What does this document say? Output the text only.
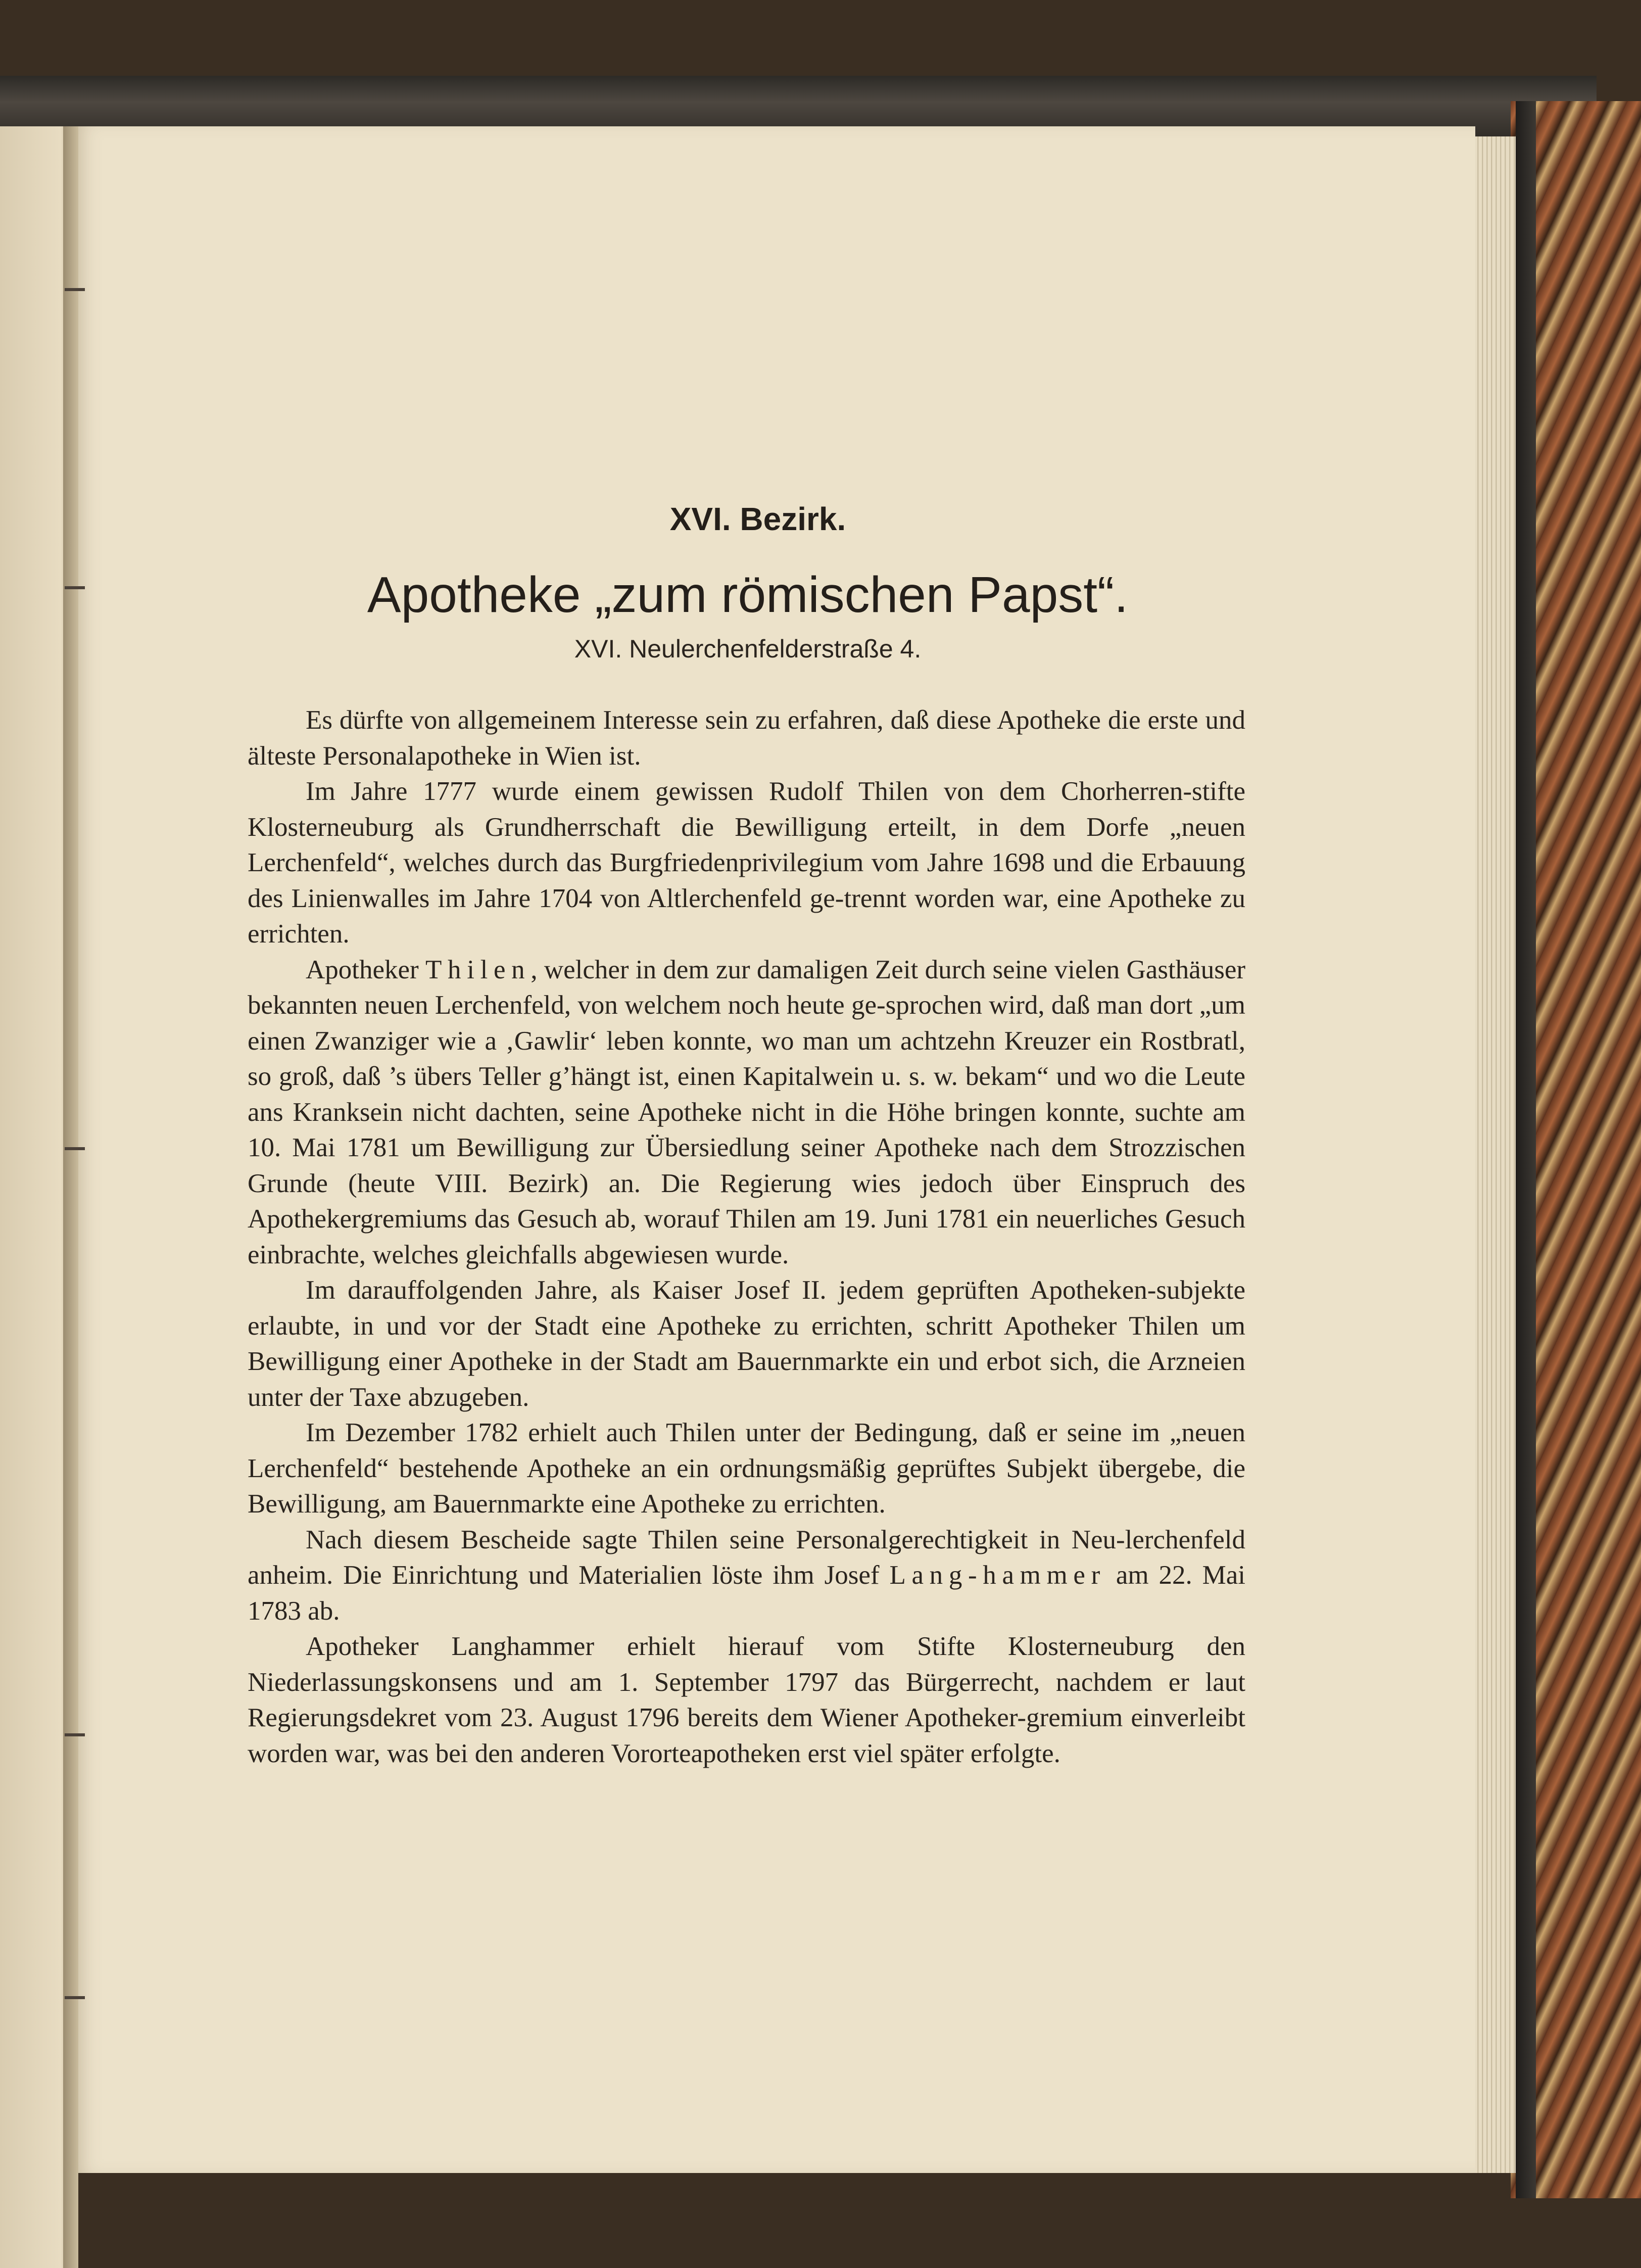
XVI. Bezirk.
Apotheke „zum römischen Papst“.
XVI. Neulerchenfelderstraße 4.

Es dürfte von allgemeinem Interesse sein zu erfahren, daß diese Apotheke die erste und älteste Personalapotheke in Wien ist.

Im Jahre 1777 wurde einem gewissen Rudolf Thilen von dem Chorherren-stifte Klosterneuburg als Grundherrschaft die Bewilligung erteilt, in dem Dorfe „neuen Lerchenfeld“, welches durch das Burgfriedenprivilegium vom Jahre 1698 und die Erbauung des Linienwalles im Jahre 1704 von Altlerchenfeld ge-trennt worden war, eine Apotheke zu errichten.

Apotheker Thilen, welcher in dem zur damaligen Zeit durch seine vielen Gasthäuser bekannten neuen Lerchenfeld, von welchem noch heute ge-sprochen wird, daß man dort „um einen Zwanziger wie a ‚Gawlir‘ leben konnte, wo man um achtzehn Kreuzer ein Rostbratl, so groß, daß ’s übers Teller g’hängt ist, einen Kapitalwein u. s. w. bekam“ und wo die Leute ans Kranksein nicht dachten, seine Apotheke nicht in die Höhe bringen konnte, suchte am 10. Mai 1781 um Bewilligung zur Übersiedlung seiner Apotheke nach dem Strozzischen Grunde (heute VIII. Bezirk) an. Die Regierung wies jedoch über Einspruch des Apothekergremiums das Gesuch ab, worauf Thilen am 19. Juni 1781 ein neuerliches Gesuch einbrachte, welches gleichfalls abgewiesen wurde.

Im darauffolgenden Jahre, als Kaiser Josef II. jedem geprüften Apotheken-subjekte erlaubte, in und vor der Stadt eine Apotheke zu errichten, schritt Apotheker Thilen um Bewilligung einer Apotheke in der Stadt am Bauernmarkte ein und erbot sich, die Arzneien unter der Taxe abzugeben.

Im Dezember 1782 erhielt auch Thilen unter der Bedingung, daß er seine im „neuen Lerchenfeld“ bestehende Apotheke an ein ordnungsmäßig geprüftes Subjekt übergebe, die Bewilligung, am Bauernmarkte eine Apotheke zu errichten.

Nach diesem Bescheide sagte Thilen seine Personalgerechtigkeit in Neu-lerchenfeld anheim. Die Einrichtung und Materialien löste ihm Josef Lang-hammer am 22. Mai 1783 ab.

Apotheker Langhammer erhielt hierauf vom Stifte Klosterneuburg den Niederlassungskonsens und am 1. September 1797 das Bürgerrecht, nachdem er laut Regierungsdekret vom 23. August 1796 bereits dem Wiener Apotheker-gremium einverleibt worden war, was bei den anderen Vororteapotheken erst viel später erfolgte.
